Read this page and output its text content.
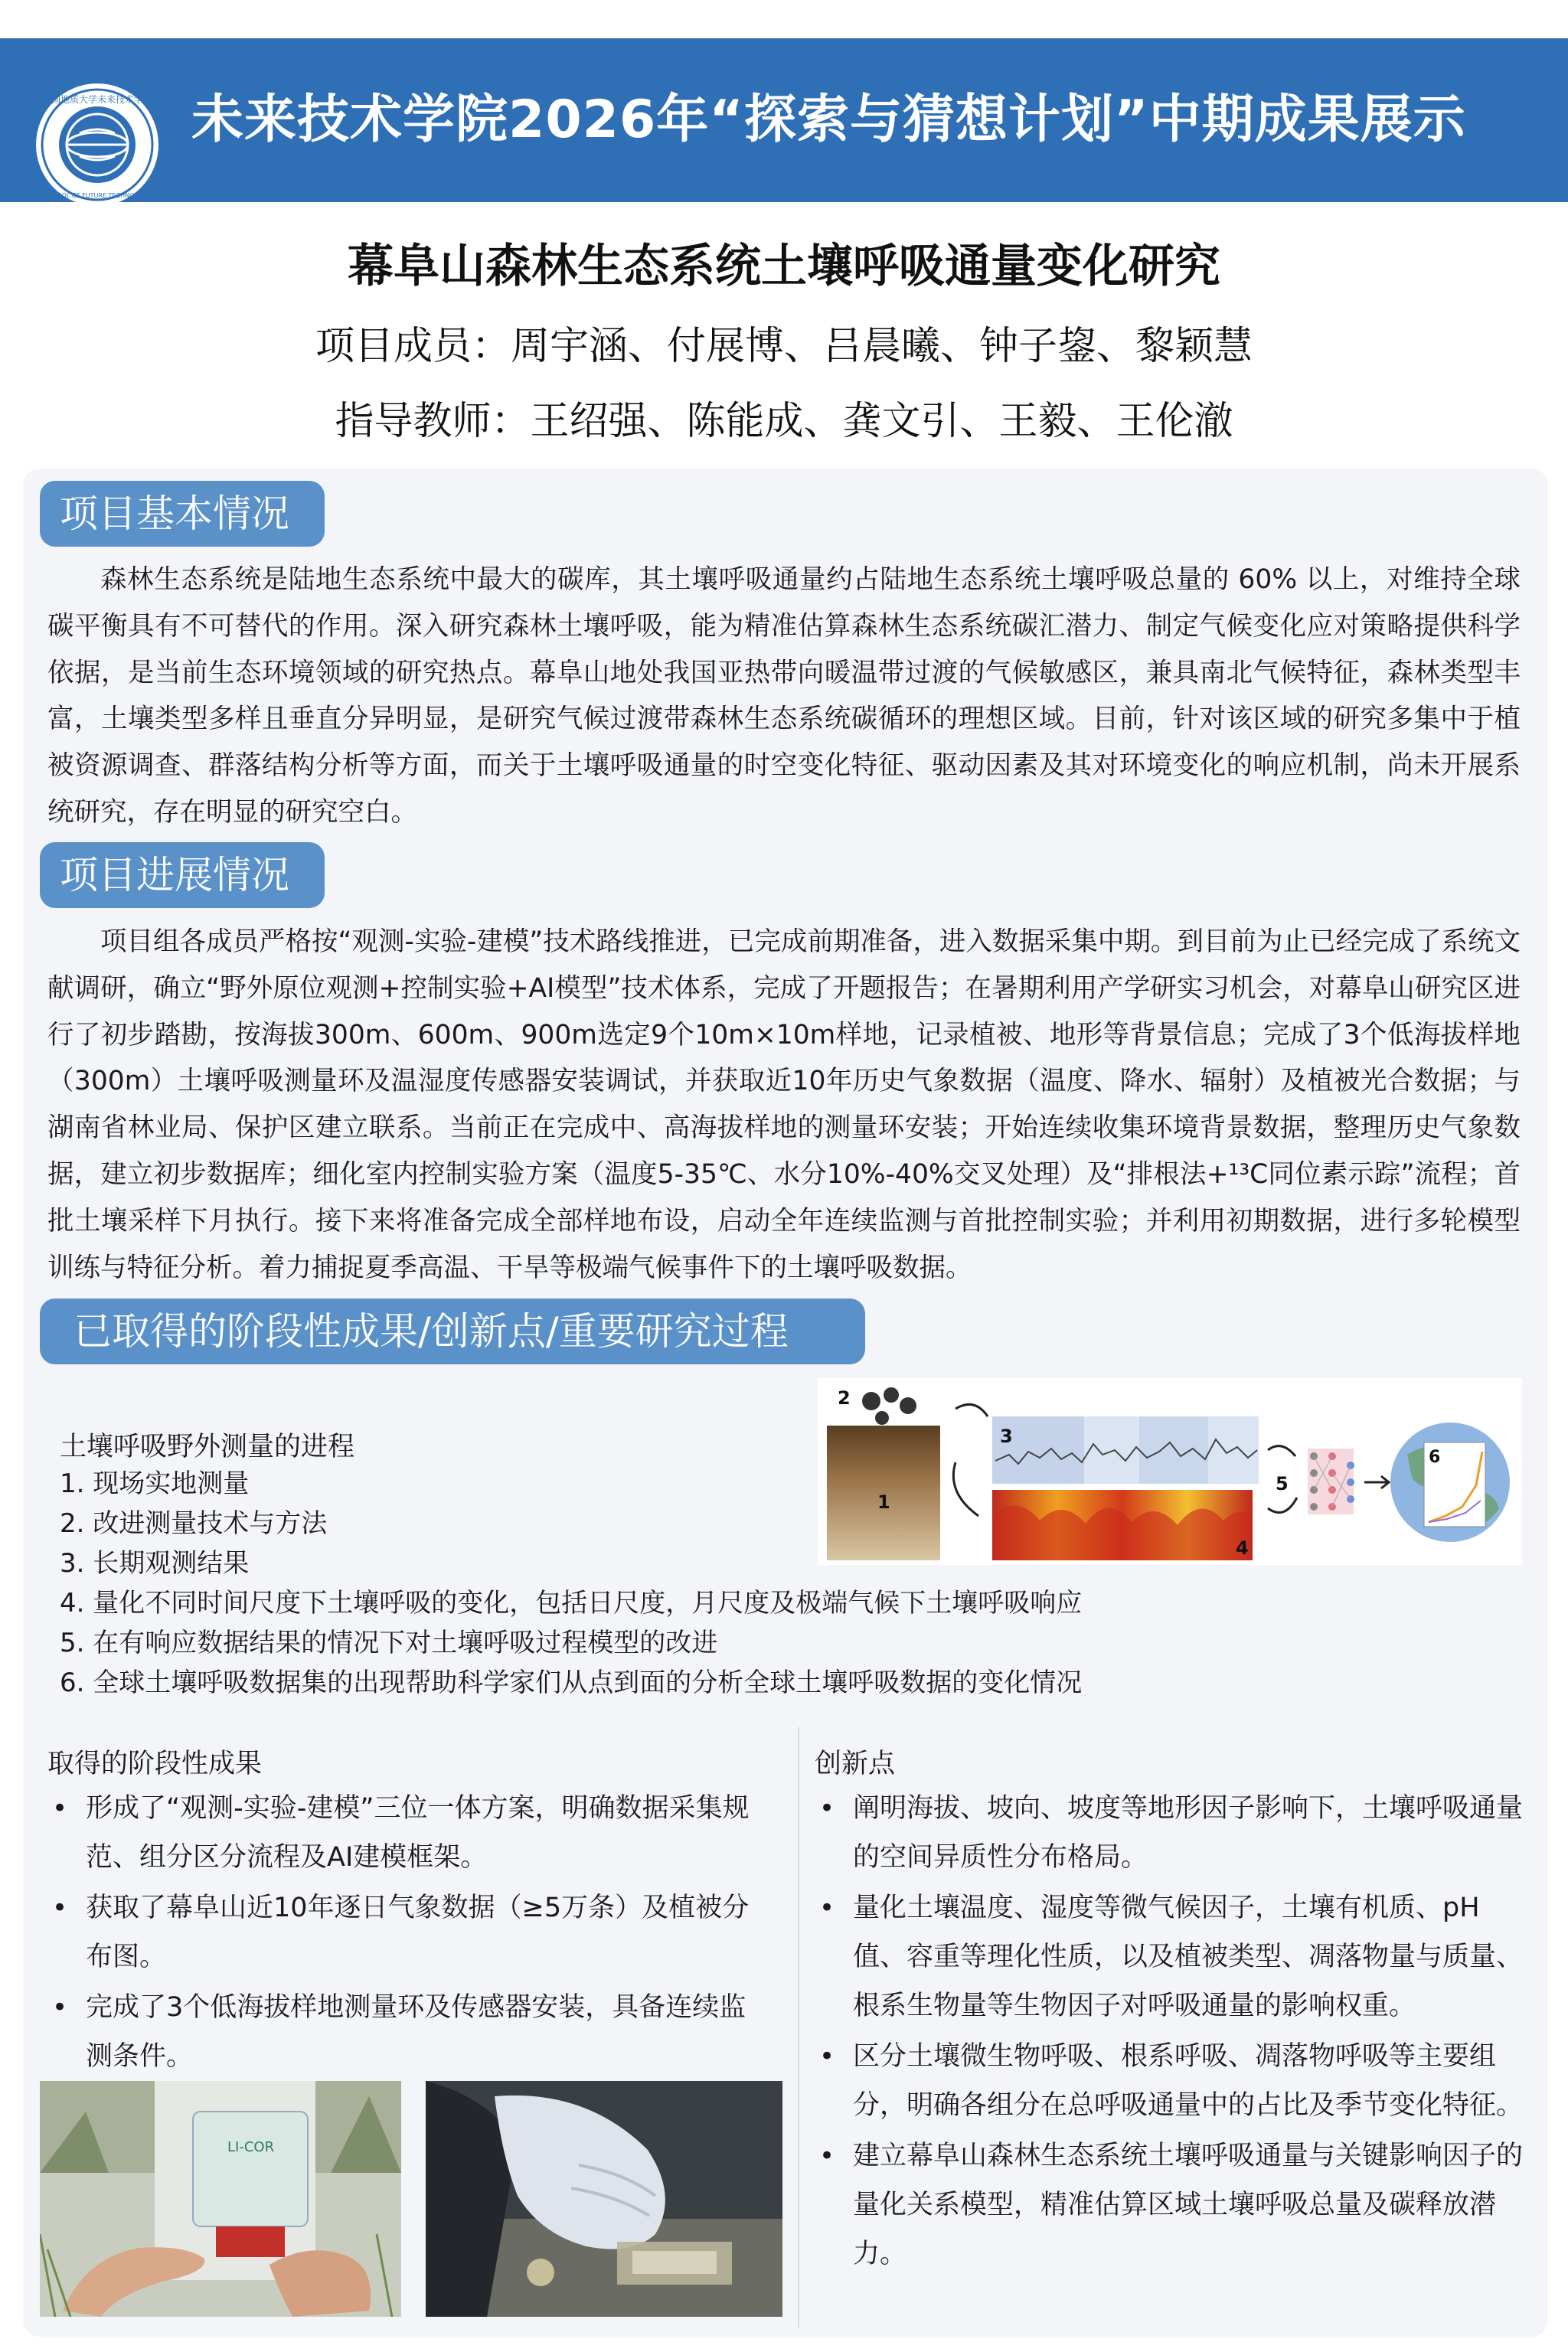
中国地质大学未来技术学院
SCHOOL OF FUTURE TECHNOLOGY
未来技术学院2026年“探索与猜想计划”中期成果展示
幕阜山森林生态系统土壤呼吸通量变化研究
项目成员：周宇涵、付展博、吕晨曦、钟子鋆、黎颖慧
指导教师：王绍强、陈能成、龚文引、王毅、王伦澈
项目基本情况
森林生态系统是陆地生态系统中最大的碳库，其土壤呼吸通量约占陆地生态系统土壤呼吸总量的 60% 以上，对维持全球碳平衡具有不可替代的作用。深入研究森林土壤呼吸，能为精准估算森林生态系统碳汇潜力、制定气候变化应对策略提供科学依据，是当前生态环境领域的研究热点。幕阜山地处我国亚热带向暖温带过渡的气候敏感区，兼具南北气候特征，森林类型丰富，土壤类型多样且垂直分异明显，是研究气候过渡带森林生态系统碳循环的理想区域。目前，针对该区域的研究多集中于植被资源调查、群落结构分析等方面，而关于土壤呼吸通量的时空变化特征、驱动因素及其对环境变化的响应机制，尚未开展系统研究，存在明显的研究空白。
项目进展情况
项目组各成员严格按“观测-实验-建模”技术路线推进，已完成前期准备，进入数据采集中期。到目前为止已经完成了系统文献调研，确立“野外原位观测+控制实验+AI模型”技术体系，完成了开题报告；在暑期利用产学研实习机会，对幕阜山研究区进行了初步踏勘，按海拔300m、600m、900m选定9个10m×10m样地，记录植被、地形等背景信息；完成了3个低海拔样地（300m）土壤呼吸测量环及温湿度传感器安装调试，并获取近10年历史气象数据（温度、降水、辐射）及植被光合数据；与湖南省林业局、保护区建立联系。当前正在完成中、高海拔样地的测量环安装；开始连续收集环境背景数据，整理历史气象数据，建立初步数据库；细化室内控制实验方案（温度5-35℃、水分10%-40%交叉处理）及“排根法+¹³C同位素示踪”流程；首批土壤采样下月执行。接下来将准备完成全部样地布设，启动全年连续监测与首批控制实验；并利用初期数据，进行多轮模型训练与特征分析。着力捕捉夏季高温、干旱等极端气候事件下的土壤呼吸数据。
已取得的阶段性成果/创新点/重要研究过程
土壤呼吸野外测量的进程
1. 现场实地测量
2. 改进测量技术与方法
3. 长期观测结果
4. 量化不同时间尺度下土壤呼吸的变化，包括日尺度，月尺度及极端气候下土壤呼吸响应
5. 在有响应数据结果的情况下对土壤呼吸过程模型的改进
6. 全球土壤呼吸数据集的出现帮助科学家们从点到面的分析全球土壤呼吸数据的变化情况
2
1
3
4
5
6
取得的阶段性成果
• 形成了“观测-实验-建模”三位一体方案，明确数据采集规范、组分区分流程及AI建模框架。
• 获取了幕阜山近10年逐日气象数据（≥5万条）及植被分布图。
• 完成了3个低海拔样地测量环及传感器安装，具备连续监测条件。
创新点
• 阐明海拔、坡向、坡度等地形因子影响下，土壤呼吸通量的空间异质性分布格局。
• 量化土壤温度、湿度等微气候因子，土壤有机质、pH值、容重等理化性质，以及植被类型、凋落物量与质量、根系生物量等生物因子对呼吸通量的影响权重。
• 区分土壤微生物呼吸、根系呼吸、凋落物呼吸等主要组分，明确各组分在总呼吸通量中的占比及季节变化特征。
• 建立幕阜山森林生态系统土壤呼吸通量与关键影响因子的量化关系模型，精准估算区域土壤呼吸总量及碳释放潜力。
LI-COR
